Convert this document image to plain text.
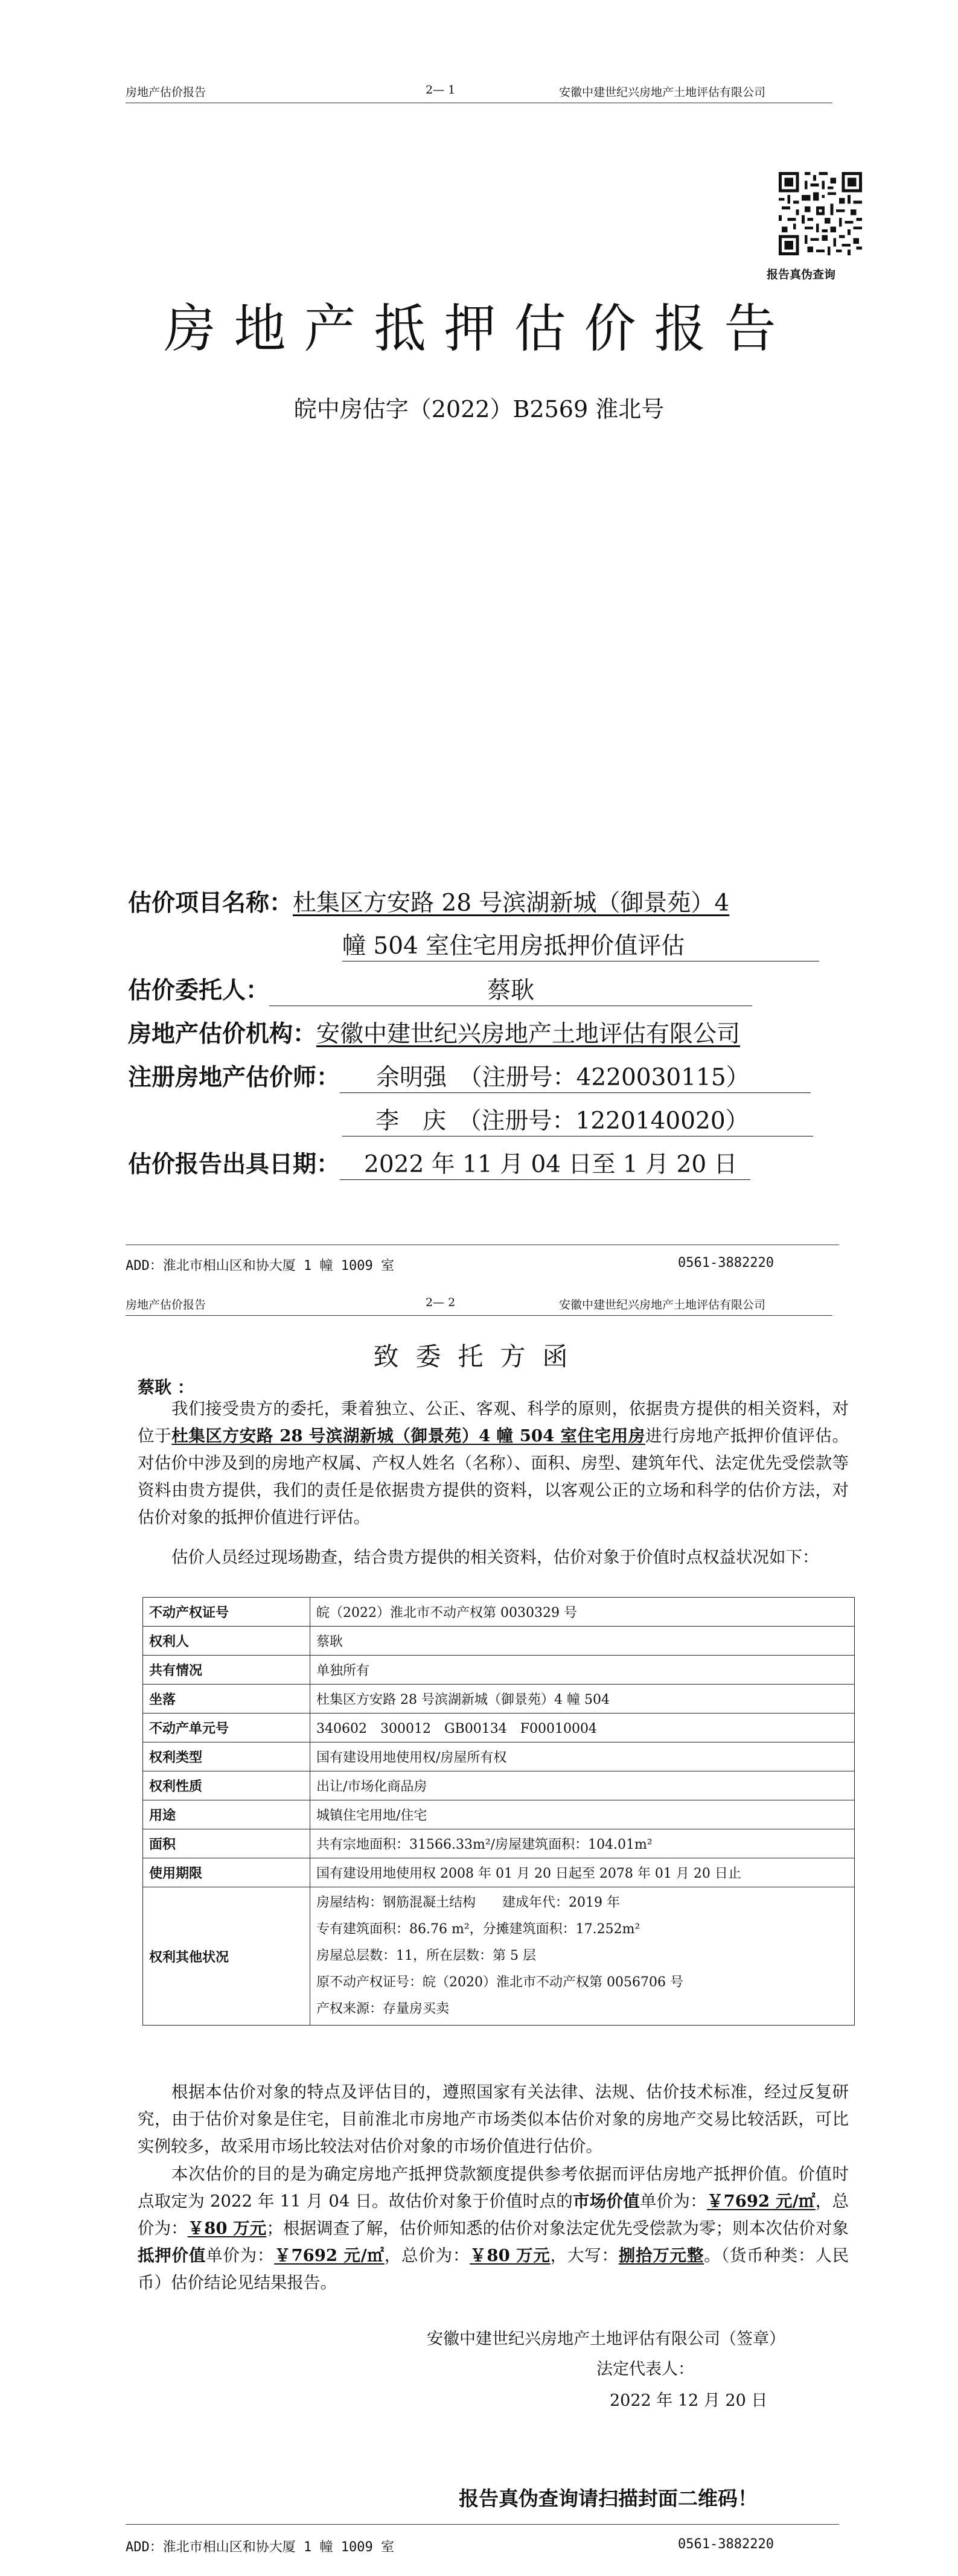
房地产估价报告	2— 1	安徽中建世纪兴房地产土地评估有限公司
报告真伪查询
房地产抵押估价报告
皖中房估字（2022）B2569 淮北号
估价项目名称：杜集区方安路 28 号滨湖新城（御景苑）4
幢 504 室住宅用房抵押价值评估
估价委托人：	蔡耿
房地产估价机构：安徽中建世纪兴房地产土地评估有限公司
注册房地产估价师： 余明强　（注册号：4220030115）
李　庆　（注册号：1220140020）
估价报告出具日期： 2022 年 11 月 04 日至 1 月 20 日
ADD：淮北市相山区和协大厦 1 幢 1009 室	0561-3882220
房地产估价报告	2— 2	安徽中建世纪兴房地产土地评估有限公司
致委托方函
蔡耿 ：
我们接受贵方的委托，秉着独立、公正、客观、科学的原则，依据贵方提供的相关资料，对位于杜集区方安路 28 号滨湖新城（御景苑）4 幢 504 室住宅用房进行房地产抵押价值评估。对估价中涉及到的房地产权属、产权人姓名（名称）、面积、房型、建筑年代、法定优先受偿款等资料由贵方提供，我们的责任是依据贵方提供的资料，以客观公正的立场和科学的估价方法，对估价对象的抵押价值进行评估。
估价人员经过现场勘查，结合贵方提供的相关资料，估价对象于价值时点权益状况如下：
不动产权证号	皖（2022）淮北市不动产权第 0030329 号
权利人	蔡耿
共有情况	单独所有
坐落	杜集区方安路 28 号滨湖新城（御景苑）4 幢 504
不动产单元号	340602　300012　GB00134　F00010004
权利类型	国有建设用地使用权/房屋所有权
权利性质	出让/市场化商品房
用途	城镇住宅用地/住宅
面积	共有宗地面积：31566.33m²/房屋建筑面积：104.01m²
使用期限	国有建设用地使用权 2008 年 01 月 20 日起至 2078 年 01 月 20 日止
权利其他状况	房屋结构：钢筋混凝土结构　　建成年代：2019 年
专有建筑面积：86.76 m²，分摊建筑面积：17.252m²
房屋总层数：11，所在层数：第 5 层
原不动产权证号：皖（2020）淮北市不动产权第 0056706 号
产权来源：存量房买卖
根据本估价对象的特点及评估目的，遵照国家有关法律、法规、估价技术标准，经过反复研究，由于估价对象是住宅，目前淮北市房地产市场类似本估价对象的房地产交易比较活跃，可比实例较多，故采用市场比较法对估价对象的市场价值进行估价。
本次估价的目的是为确定房地产抵押贷款额度提供参考依据而评估房地产抵押价值。价值时点取定为 2022 年 11 月 04 日。故估价对象于价值时点的市场价值单价为：￥7692 元/㎡，总价为：￥80 万元；根据调查了解，估价师知悉的估价对象法定优先受偿款为零；则本次估价对象抵押价值单价为：￥7692 元/㎡，总价为：￥80 万元，大写：捌拾万元整。（货币种类：人民币）估价结论见结果报告。
安徽中建世纪兴房地产土地评估有限公司（签章）
法定代表人：
2022 年 12 月 20 日
报告真伪查询请扫描封面二维码！
ADD：淮北市相山区和协大厦 1 幢 1009 室	0561-3882220
